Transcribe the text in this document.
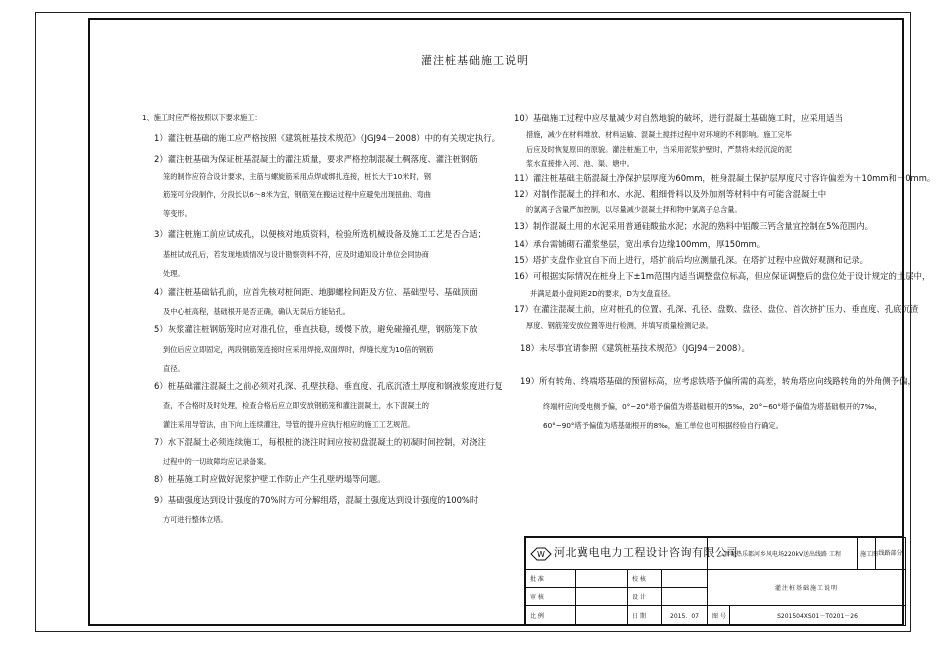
灌注桩基础施工说明
1、施工时应严格按照以下要求施工：
1）灌注桩基础的施工应严格按照《建筑桩基技术规范》（JGJ94－2008）中的有关规定执行。
2）灌注桩基础为保证桩基混凝土的灌注质量，要求严格控制混凝土稠落度、灌注桩钢筋
笼的制作应符合设计要求，主筋与螺旋筋采用点焊或绑扎连接，桩长大于10米时，钢
筋笼可分段制作，分段长以6～8米为宜，钢筋笼在搬运过程中应避免出现扭曲、弯曲
等变形。
3）灌注桩施工前应试成孔，以便核对地质资料，检验所选机械设备及施工工艺是否合适；
基桩试成孔后，若发现地质情况与设计勘察资料不符，应及时通知设计单位会同协商
处理。
4）灌注桩基础钻孔前，应首先核对桩间距、地脚螺栓间距及方位、基础型号、基础顶面
及中心桩高程，基础根开是否正确，确认无误后方能钻孔。
5）灰浆灌注桩钢筋笼时应对准孔位，垂直扶稳，缓慢下放，避免碰撞孔壁，钢筋笼下放
到位后应立即固定，两段钢筋笼连接时应采用焊接,双面焊时，焊缝长度为10倍的钢筋
直径。
6）桩基础灌注混凝土之前必须对孔深、孔壁扶稳、垂直度、孔底沉渣土厚度和钢液浆度进行复
查，不合格时及时处理，检查合格后应立即安放钢筋笼和灌注混凝土，水下混凝土的
灌注采用导管法，由下向上连续灌注，导管的提升应执行相应的施工工艺规范。
7）水下混凝土必须连续施工，每根桩的浇注时间应按初盘混凝土的初凝时间控制，对浇注
过程中的一切故障均应记录备案。
8）桩基施工时应做好泥浆护壁工作防止产生孔壁坍塌等问题。
9）基础强度达到设计强度的70%时方可分解组塔，混凝土强度达到设计强度的100%时
方可进行整体立塔。
10）基础施工过程中应尽量减少对自然地貌的破坏，进行混凝土基础施工时，应采用适当
措施，减少在材料堆放、材料运输、混凝土搅拌过程中对环境的不利影响。施工完毕
后应及时恢复原田的原貌。灌注桩施工中，当采用泥浆护壁时，严禁将未经沉淀的泥
浆水直接排入河、池、渠、塘中。
11）灌注桩基础主筋混凝土净保护层厚度为60mm，桩身混凝土保护层厚度尺寸容许偏差为＋10mm和－0mm。
12）对制作混凝土的拌和水、水泥、粗细骨料以及外加剂等材料中有可能含混凝土中
的氯离子含量严加控制，以尽量减少混凝土拌和物中氯离子总含量。
13）制作混凝土用的水泥采用普通硅酸盐水泥；水泥的熟料中铝酸三钙含量宜控制在5%范围内。
14）承台需铺砌石灌浆垫层，宽出承台边缘100mm，厚150mm。
15）塔扩支盘作业宜自下而上进行，塔扩前后均应测量孔深。在塔扩过程中应做好观测和记录。
16）可根据实际情况在桩身上下±1m范围内适当调整盘位标高，但应保证调整后的盘位处于设计规定的土层中，
并满足最小盘间距2D的要求，D为支盘直径。
17）在灌注混凝土前，应对桩孔的位置、孔深、孔径、盘数、盘径、盘位、首次挤扩压力、垂直度、孔底沉渣
厚度、钢筋笼安放位置等进行检测，并填写质量检测记录。
18）未尽事宜请参照《建筑桩基技术规范》（JGJ94－2008）。
19）所有转角、终端塔基础的预留标高，应考虑铁塔予偏所需的高差，转角塔应向线路转角的外角侧予偏，
终端杆应向受电侧予偏，0°~20°塔予偏值为塔基础根开的5‰，20°~60°塔予偏值为塔基础根开的7‰，
60°~90°塔予偏值为塔基础根开的8‰，施工单位也可根据经验自行确定。
W 河北冀电电力工程设计咨询有限公司				新保热乐都河乡风电场220kV送出线路 工程		施工图	线路部分
批 准		校 核		灌注桩基础施工说明			
审 核		设 计					
比 例		日 期	2015．07	图 号	S201504XS01－T0201－26		
